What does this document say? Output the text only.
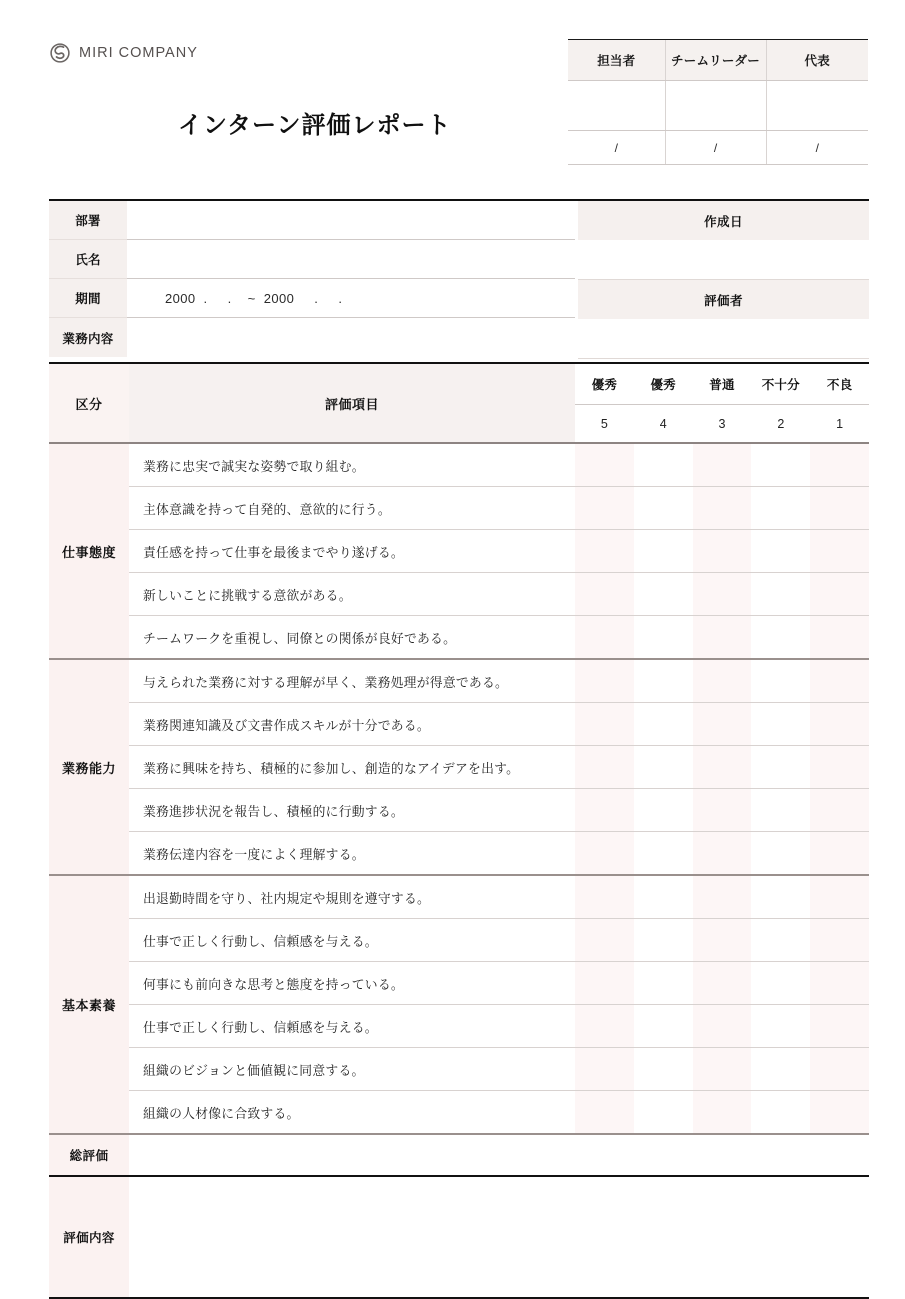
MIRI COMPANY
インターン評価レポート
担当者	チームリーダー	代表

/	/	/
部署
氏名
期間	2000  .     .    ~  2000     .     .
業務内容
作成日
評価者
区分	評価項目	優秀	優秀	普通	不十分	不良
		5	4	3	2	1
仕事態度	業務に忠実で誠実な姿勢で取り組む。					
	主体意識を持って自発的、意欲的に行う。					
	責任感を持って仕事を最後までやり遂げる。					
	新しいことに挑戦する意欲がある。					
	チームワークを重視し、同僚との関係が良好である。					
業務能力	与えられた業務に対する理解が早く、業務処理が得意である。					
	業務関連知識及び文書作成スキルが十分である。					
	業務に興味を持ち、積極的に参加し、創造的なアイデアを出す。					
	業務進捗状況を報告し、積極的に行動する。					
	業務伝達内容を一度によく理解する。					
基本素養	出退勤時間を守り、社内規定や規則を遵守する。					
	仕事で正しく行動し、信頼感を与える。					
	何事にも前向きな思考と態度を持っている。					
	仕事で正しく行動し、信頼感を与える。					
	組織のビジョンと価値観に同意する。					
	組織の人材像に合致する。					
総評価
評価内容
